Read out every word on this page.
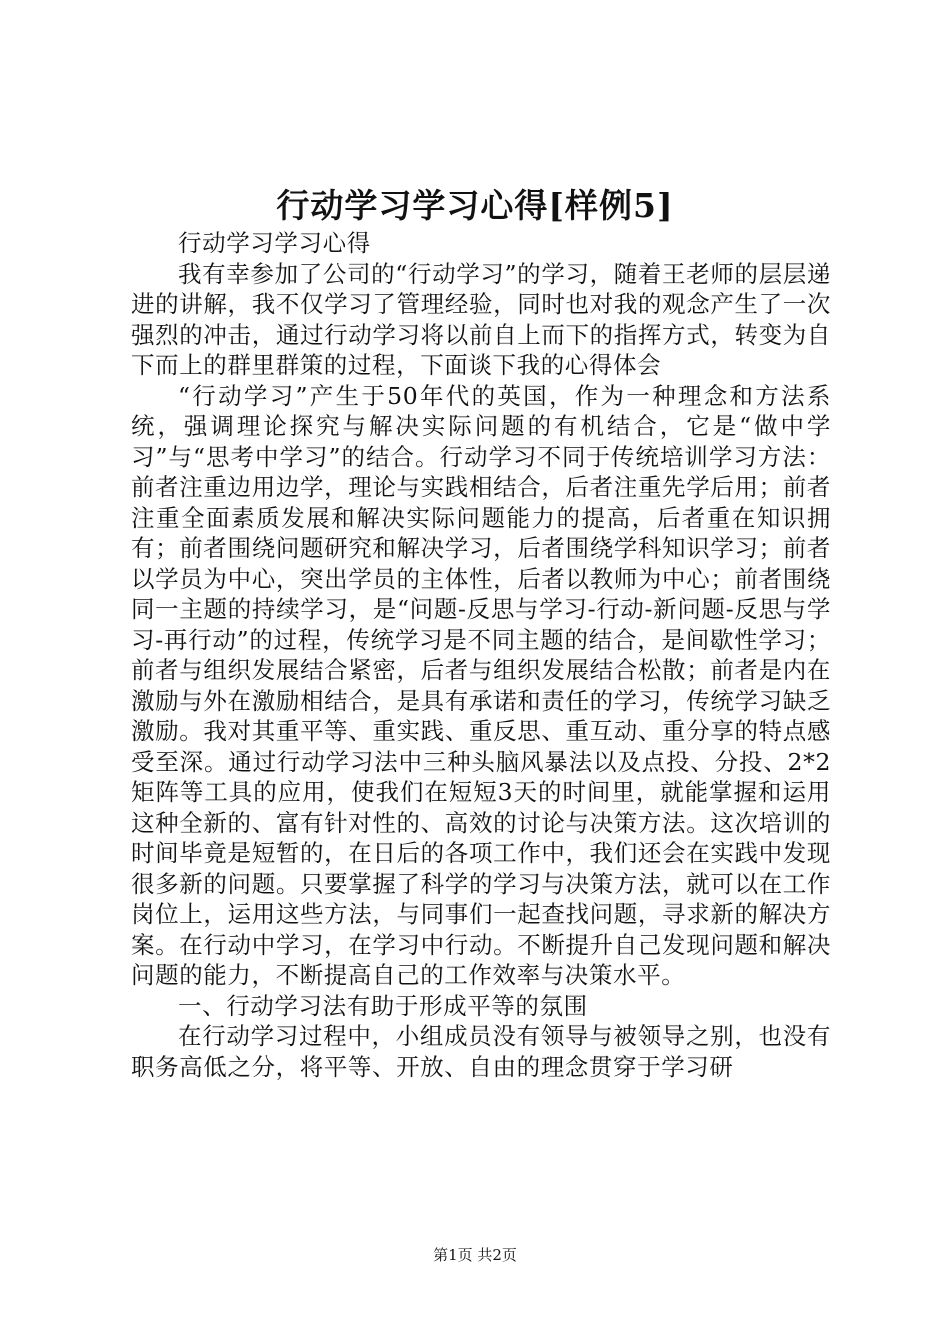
行动学习学习心得[样例5]

行动学习学习心得

我有幸参加了公司的“行动学习”的学习，随着王老师的层层递进的讲解，我不仅学习了管理经验，同时也对我的观念产生了一次强烈的冲击，通过行动学习将以前自上而下的指挥方式，转变为自下而上的群里群策的过程，下面谈下我的心得体会

“行动学习”产生于50年代的英国，作为一种理念和方法系统，强调理论探究与解决实际问题的有机结合，它是“做中学习”与“思考中学习”的结合。行动学习不同于传统培训学习方法：前者注重边用边学，理论与实践相结合，后者注重先学后用；前者注重全面素质发展和解决实际问题能力的提高，后者重在知识拥有；前者围绕问题研究和解决学习，后者围绕学科知识学习；前者以学员为中心，突出学员的主体性，后者以教师为中心；前者围绕同一主题的持续学习，是“问题-反思与学习-行动-新问题-反思与学习-再行动”的过程，传统学习是不同主题的结合，是间歇性学习；前者与组织发展结合紧密，后者与组织发展结合松散；前者是内在激励与外在激励相结合，是具有承诺和责任的学习，传统学习缺乏激励。我对其重平等、重实践、重反思、重互动、重分享的特点感受至深。通过行动学习法中三种头脑风暴法以及点投、分投、2*2矩阵等工具的应用，使我们在短短3天的时间里，就能掌握和运用这种全新的、富有针对性的、高效的讨论与决策方法。这次培训的时间毕竟是短暂的，在日后的各项工作中，我们还会在实践中发现很多新的问题。只要掌握了科学的学习与决策方法，就可以在工作岗位上，运用这些方法，与同事们一起查找问题，寻求新的解决方案。在行动中学习，在学习中行动。不断提升自己发现问题和解决问题的能力，不断提高自己的工作效率与决策水平。

一、行动学习法有助于形成平等的氛围

在行动学习过程中，小组成员没有领导与被领导之别，也没有职务高低之分，将平等、开放、自由的理念贯穿于学习研

第1页 共2页
